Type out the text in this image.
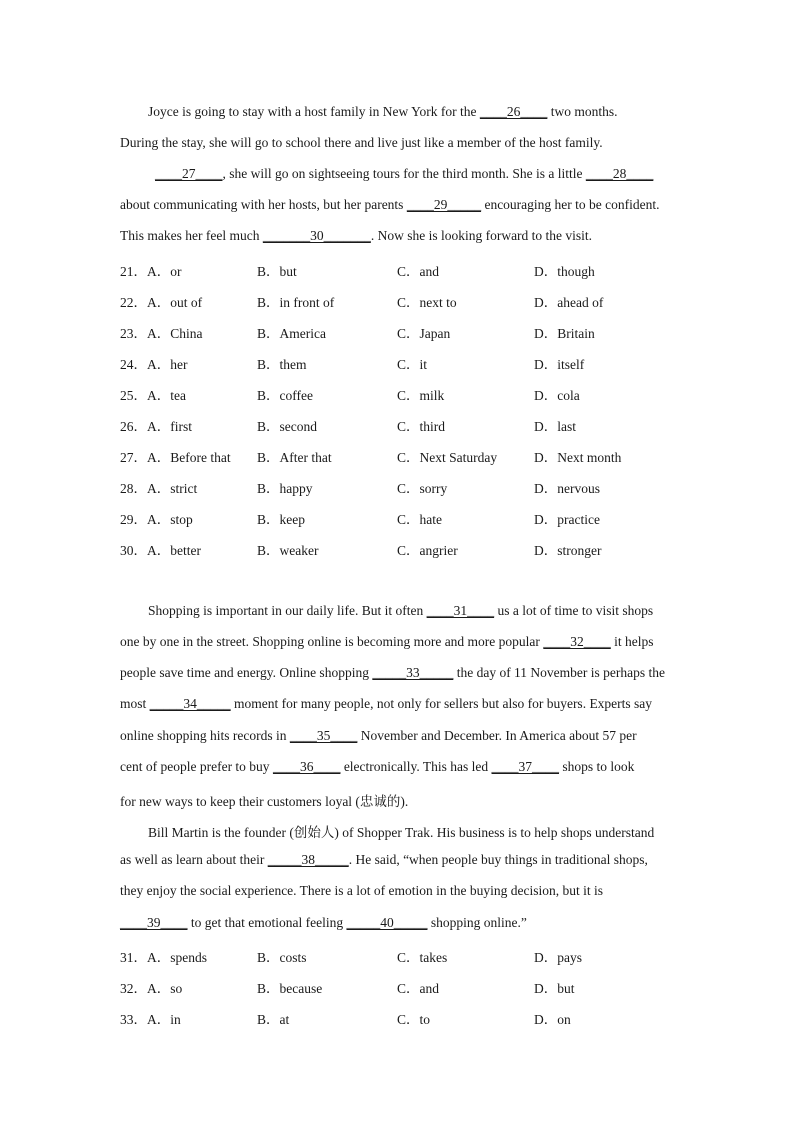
Joyce is going to stay with a host family in New York for the ____26____ two months.
During the stay, she will go to school there and live just like a member of the host family.
____27____, she will go on sightseeing tours for the third month. She is a little ____28____
about communicating with her hosts, but her parents ____29_____ encouraging her to be confident.
This makes her feel much _______30_______. Now she is looking forward to the visit.
21．A．or	B．but	C．and	D．though
22．A．out of	B．in front of	C．next to	D．ahead of
23．A．China	B．America	C．Japan	D．Britain
24．A．her	B．them	C．it	D．itself
25．A．tea	B．coffee	C．milk	D．cola
26．A．first	B．second	C．third	D．last
27．A．Before that B．After that	C．Next Saturday	D．Next month
28．A．strict	B．happy	C．sorry	D．nervous
29．A．stop	B．keep	C．hate	D．practice
30．A．better	B．weaker	C．angrier	D．stronger
Shopping is important in our daily life. But it often ____31____ us a lot of time to visit shops
one by one in the street. Shopping online is becoming more and more popular ____32____ it helps
people save time and energy. Online shopping _____33_____ the day of 11 November is perhaps the
most _____34_____ moment for many people, not only for sellers but also for buyers. Experts say
online shopping hits records in ____35____ November and December. In America about 57 per
cent of people prefer to buy ____36____ electronically. This has led ____37____ shops to look
for new ways to keep their customers loyal (忠诚的).
Bill Martin is the founder (创始人) of Shopper Trak. His business is to help shops understand
as well as learn about their _____38_____. He said, “when people buy things in traditional shops,
they enjoy the social experience. There is a lot of emotion in the buying decision, but it is
____39____ to get that emotional feeling _____40_____ shopping online.”
31．A．spends	B．costs	C．takes	D．pays
32．A．so	B．because	C．and	D．but
33．A．in	B．at	C．to	D．on
